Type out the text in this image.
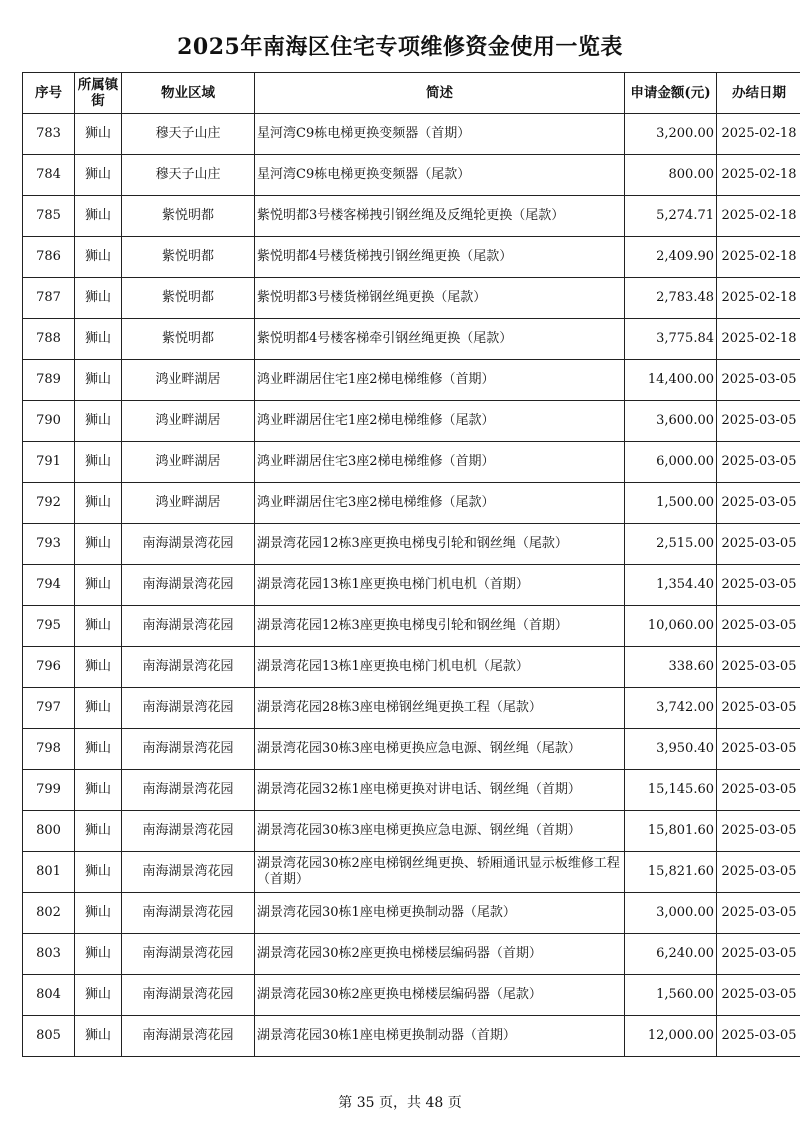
2025年南海区住宅专项维修资金使用一览表
序号	所属镇街	物业区域	简述	申请金额(元)	办结日期
783	狮山	穆天子山庄	星河湾C9栋电梯更换变频器（首期）	3,200.00	2025-02-18
784	狮山	穆天子山庄	星河湾C9栋电梯更换变频器（尾款）	800.00	2025-02-18
785	狮山	紫悦明都	紫悦明都3号楼客梯拽引钢丝绳及反绳轮更换（尾款）	5,274.71	2025-02-18
786	狮山	紫悦明都	紫悦明都4号楼货梯拽引钢丝绳更换（尾款）	2,409.90	2025-02-18
787	狮山	紫悦明都	紫悦明都3号楼货梯钢丝绳更换（尾款）	2,783.48	2025-02-18
788	狮山	紫悦明都	紫悦明都4号楼客梯牵引钢丝绳更换（尾款）	3,775.84	2025-02-18
789	狮山	鸿业畔湖居	鸿业畔湖居住宅1座2梯电梯维修（首期）	14,400.00	2025-03-05
790	狮山	鸿业畔湖居	鸿业畔湖居住宅1座2梯电梯维修（尾款）	3,600.00	2025-03-05
791	狮山	鸿业畔湖居	鸿业畔湖居住宅3座2梯电梯维修（首期）	6,000.00	2025-03-05
792	狮山	鸿业畔湖居	鸿业畔湖居住宅3座2梯电梯维修（尾款）	1,500.00	2025-03-05
793	狮山	南海湖景湾花园	湖景湾花园12栋3座更换电梯曳引轮和钢丝绳（尾款）	2,515.00	2025-03-05
794	狮山	南海湖景湾花园	湖景湾花园13栋1座更换电梯门机电机（首期）	1,354.40	2025-03-05
795	狮山	南海湖景湾花园	湖景湾花园12栋3座更换电梯曳引轮和钢丝绳（首期）	10,060.00	2025-03-05
796	狮山	南海湖景湾花园	湖景湾花园13栋1座更换电梯门机电机（尾款）	338.60	2025-03-05
797	狮山	南海湖景湾花园	湖景湾花园28栋3座电梯钢丝绳更换工程（尾款）	3,742.00	2025-03-05
798	狮山	南海湖景湾花园	湖景湾花园30栋3座电梯更换应急电源、钢丝绳（尾款）	3,950.40	2025-03-05
799	狮山	南海湖景湾花园	湖景湾花园32栋1座电梯更换对讲电话、钢丝绳（首期）	15,145.60	2025-03-05
800	狮山	南海湖景湾花园	湖景湾花园30栋3座电梯更换应急电源、钢丝绳（首期）	15,801.60	2025-03-05
801	狮山	南海湖景湾花园	湖景湾花园30栋2座电梯钢丝绳更换、轿厢通讯显示板维修工程（首期）	15,821.60	2025-03-05
802	狮山	南海湖景湾花园	湖景湾花园30栋1座电梯更换制动器（尾款）	3,000.00	2025-03-05
803	狮山	南海湖景湾花园	湖景湾花园30栋2座更换电梯楼层编码器（首期）	6,240.00	2025-03-05
804	狮山	南海湖景湾花园	湖景湾花园30栋2座更换电梯楼层编码器（尾款）	1,560.00	2025-03-05
805	狮山	南海湖景湾花园	湖景湾花园30栋1座电梯更换制动器（首期）	12,000.00	2025-03-05
第 35 页，共 48 页
